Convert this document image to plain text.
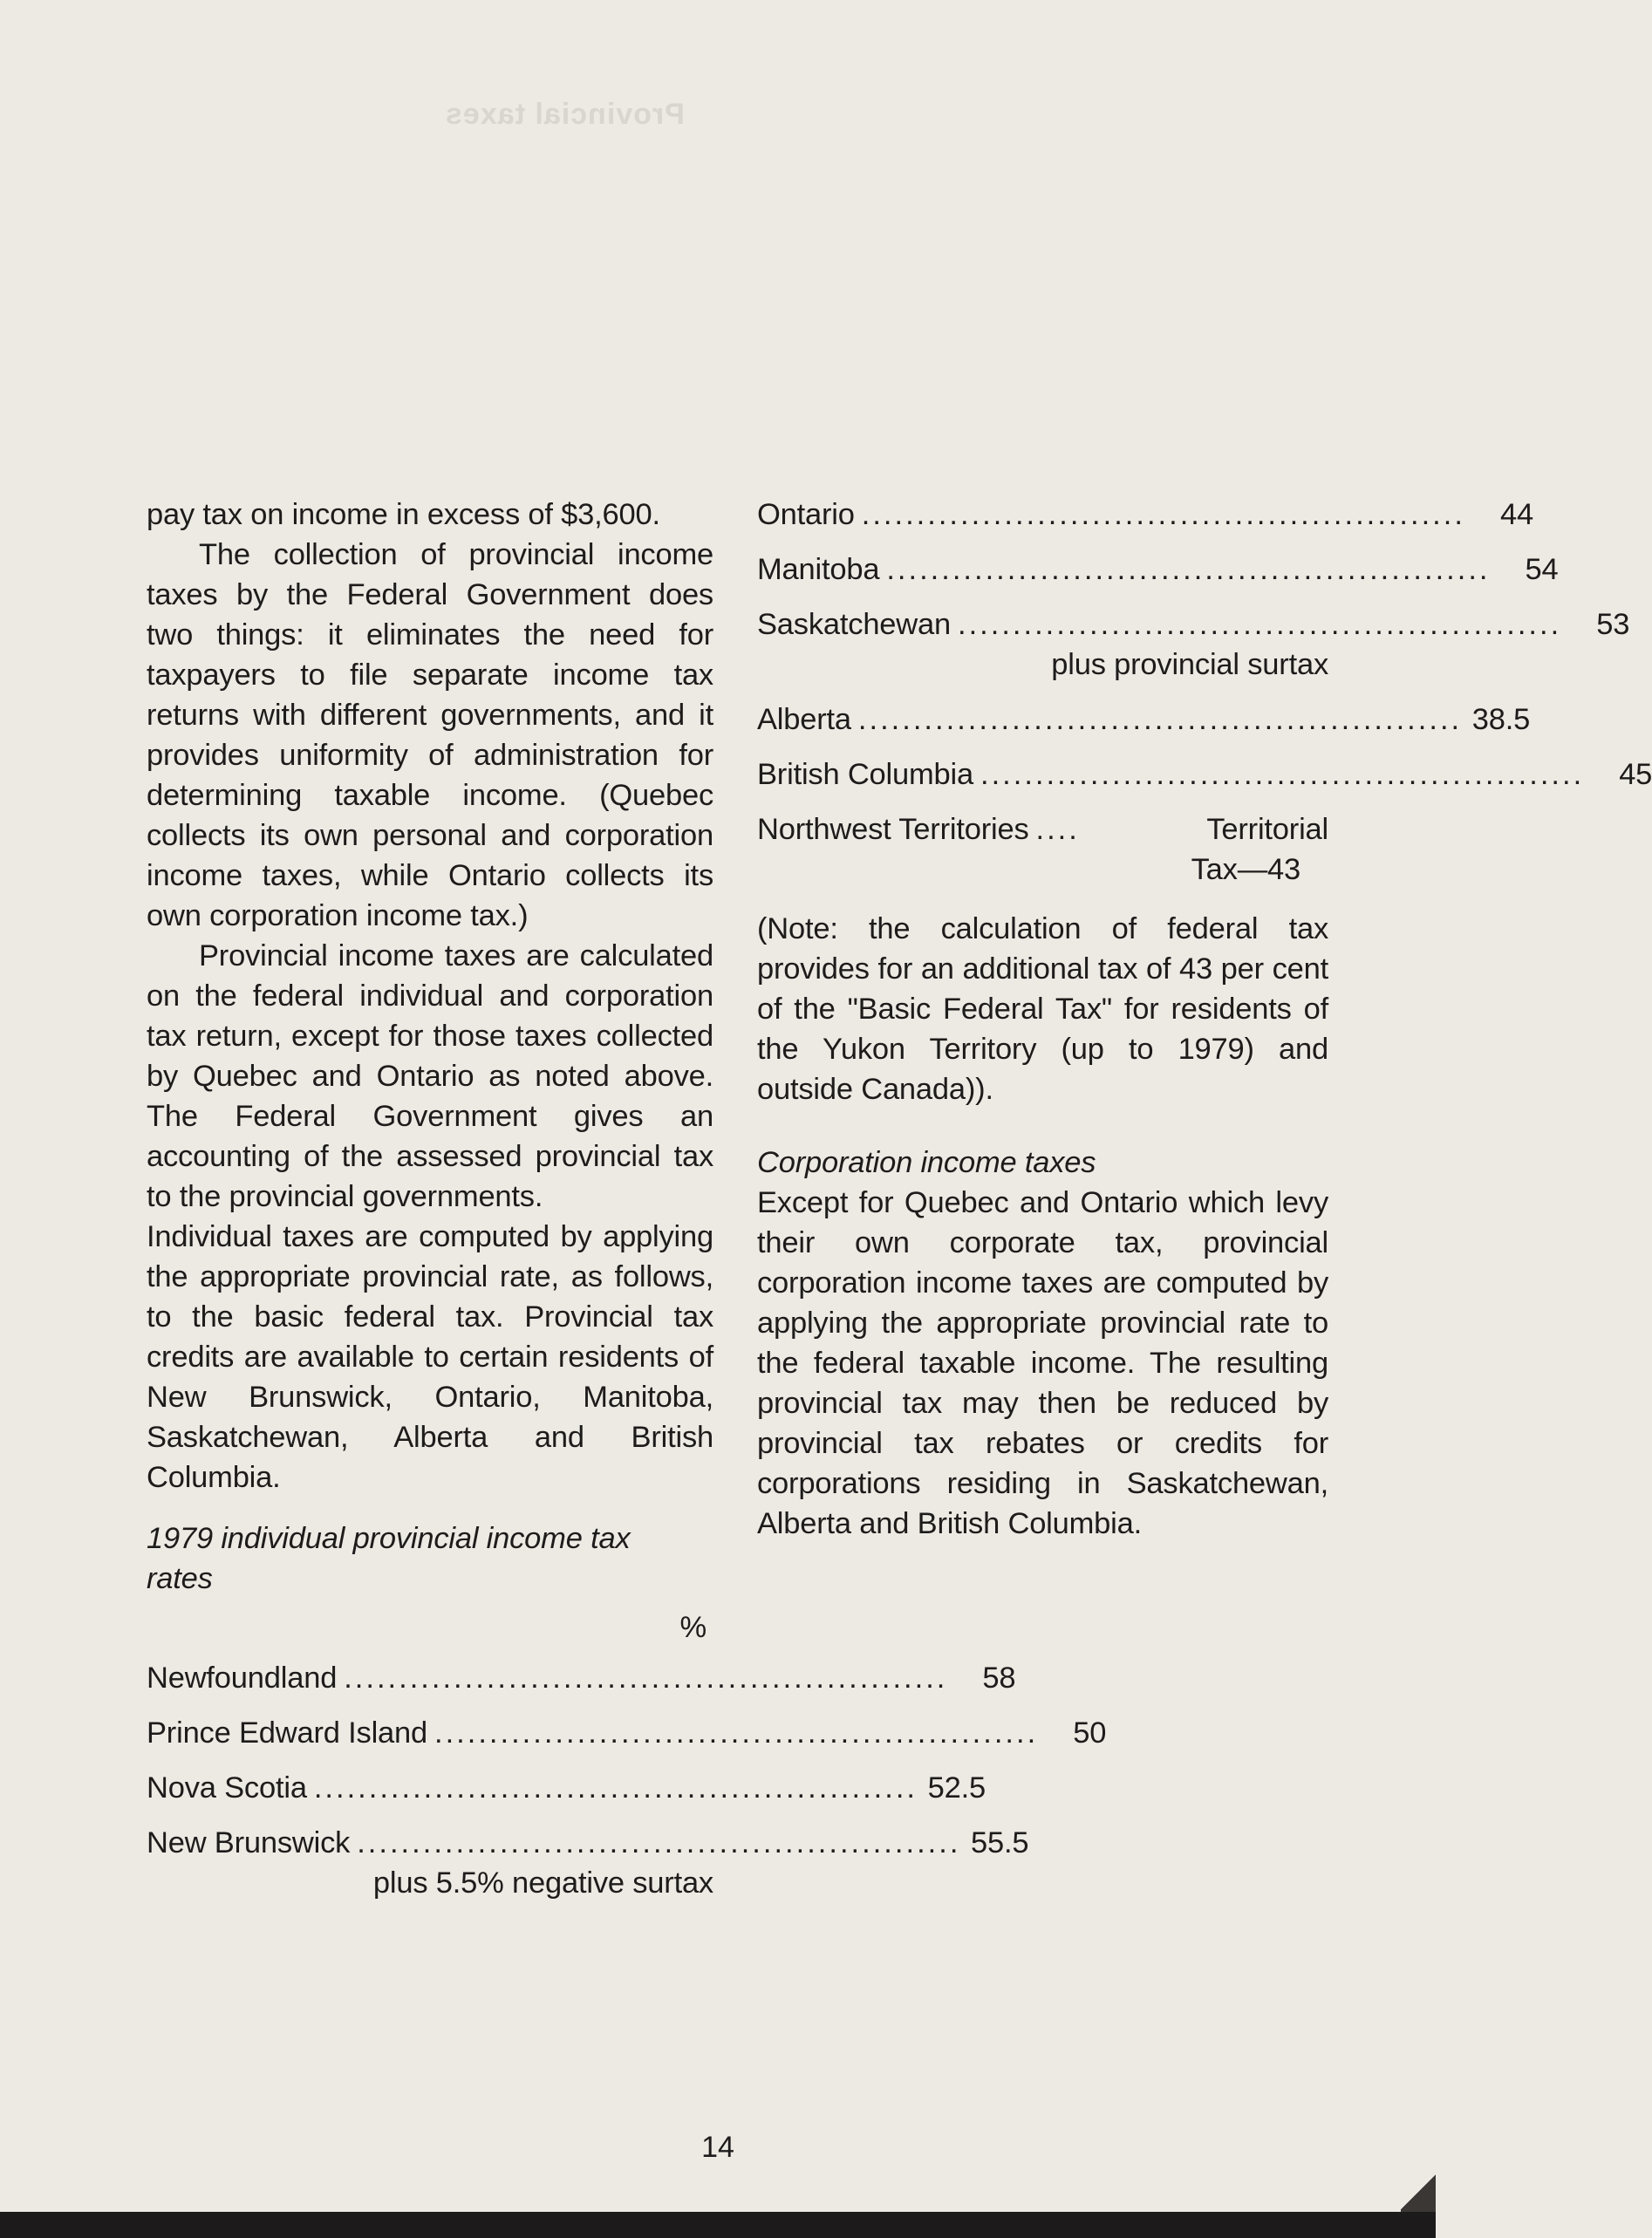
Provincial taxes

pay tax on income in excess of $3,600.

The collection of provincial income taxes by the Federal Government does two things: it eliminates the need for taxpayers to file separate income tax returns with different governments, and it provides uniformity of administration for determining taxable income. (Quebec collects its own personal and corporation income taxes, while Ontario collects its own corporation income tax.)

Provincial income taxes are calculated on the federal individual and corporation tax return, except for those taxes collected by Quebec and Ontario as noted above. The Federal Government gives an accounting of the assessed provincial tax to the provincial governments.

Individual taxes are computed by applying the appropriate provincial rate, as follows, to the basic federal tax. Provincial tax credits are available to certain residents of New Brunswick, Ontario, Manitoba, Saskatchewan, Alberta and British Columbia.

1979 individual provincial income tax rates

%
Newfoundland .......................................................	58
Prince Edward Island .......................................................	50
Nova Scotia ....................................................... 52.5
New Brunswick ....................................................... 55.5
plus 5.5% negative surtax
Ontario .......................................................	44
Manitoba .......................................................	54
Saskatchewan .......................................................	53
plus provincial surtax
Alberta ....................................................... 38.5
British Columbia .......................................................	45
Northwest Territories ....	Territorial
Tax—43

(Note: the calculation of federal tax provides for an additional tax of 43 per cent of the "Basic Federal Tax" for residents of the Yukon Territory (up to 1979) and outside Canada)).

Corporation income taxes

Except for Quebec and Ontario which levy their own corporate tax, provincial corporation income taxes are computed by applying the appropriate provincial rate to the federal taxable income. The resulting provincial tax may then be reduced by provincial tax rebates or credits for corporations residing in Saskatchewan, Alberta and British Columbia.

14
